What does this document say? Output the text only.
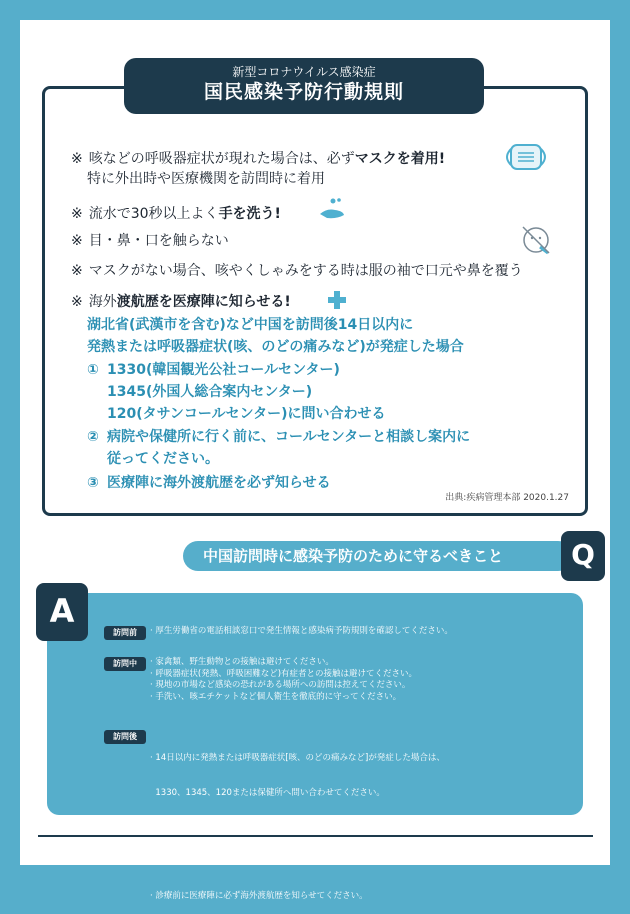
新型コロナウイルス感染症
国民感染予防行動規則
※ 咳などの呼吸器症状が現れた場合は、必ずマスクを着用!
特に外出時や医療機関を訪問時に着用
※ 流水で30秒以上よく手を洗う!
※ 目・鼻・口を触らない
※ マスクがない場合、咳やくしゃみをする時は服の袖で口元や鼻を覆う
※ 海外渡航歴を医療陣に知らせる!
湖北省(武漢市を含む)など中国を訪問後14日以内に
発熱または呼吸器症状(咳、のどの痛みなど)が発症した場合
① 1330(韓国観光公社コールセンター)
1345(外国人総合案内センター)
120(タサンコールセンター)に問い合わせる
② 病院や保健所に行く前に、コールセンターと相談し案内に
従ってください。
③ 医療陣に海外渡航歴を必ず知らせる
出典:疾病管理本部 2020.1.27
中国訪問時に感染予防のために守るべきこと	Q
A
訪問前	· 厚生労働省の電話相談窓口で発生情報と感染病予防規則を確認してください。
訪問中	· 家禽類、野生動物との接触は避けてください。
· 呼吸器症状(発熱、呼吸困難など)有症者との接触は避けてください。
· 現地の市場など感染の恐れがある場所への訪問は控えてください。
· 手洗い、咳エチケットなど個人衛生を徹底的に守ってください。
訪問後

· 14日以内に発熱または呼吸器症状[咳、のどの痛みなど]が発症した場合は、

1330、1345、120または保健所へ問い合わせてください。

· また、感染の疑いがある方は、病院や保健所に行く前に、コールセンターと相談し案内に

従ってください。

· 診療前に医療陣に必ず海外渡航歴を知らせてください。
